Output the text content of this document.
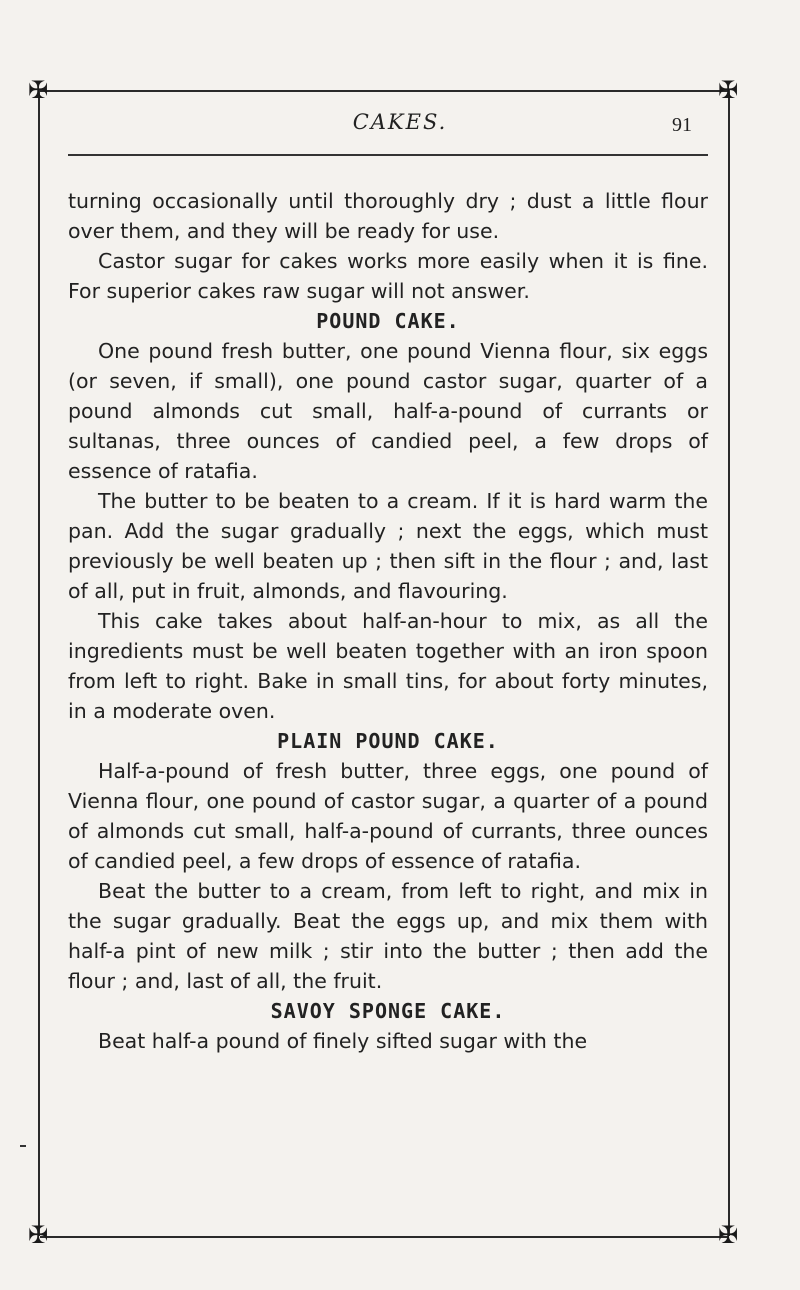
✠	✠
✠	✠
CAKES.	91

turning occasionally until thoroughly dry ; dust a little flour over them, and they will be ready for use.

Castor sugar for cakes works more easily when it is fine. For superior cakes raw sugar will not answer.

POUND CAKE.

One pound fresh butter, one pound Vienna flour, six eggs (or seven, if small), one pound castor sugar, quarter of a pound almonds cut small, half-a-pound of currants or sultanas, three ounces of candied peel, a few drops of essence of ratafia.

The butter to be beaten to a cream. If it is hard warm the pan. Add the sugar gradually ; next the eggs, which must previously be well beaten up ; then sift in the flour ; and, last of all, put in fruit, almonds, and flavouring.

This cake takes about half-an-hour to mix, as all the ingredients must be well beaten together with an iron spoon from left to right. Bake in small tins, for about forty minutes, in a moderate oven.

PLAIN POUND CAKE.

Half-a-pound of fresh butter, three eggs, one pound of Vienna flour, one pound of castor sugar, a quarter of a pound of almonds cut small, half-a-pound of currants, three ounces of candied peel, a few drops of essence of ratafia.

Beat the butter to a cream, from left to right, and mix in the sugar gradually. Beat the eggs up, and mix them with half-a pint of new milk ; stir into the butter ; then add the flour ; and, last of all, the fruit.

SAVOY SPONGE CAKE.

Beat half-a pound of finely sifted sugar with the
